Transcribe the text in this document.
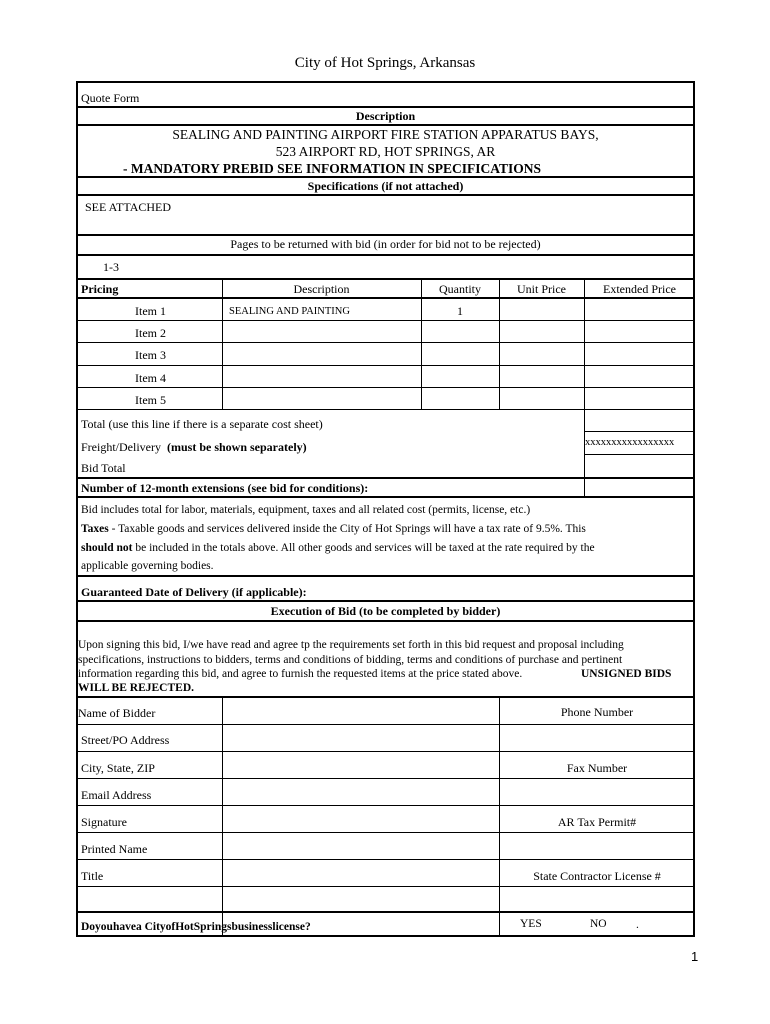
City of Hot Springs, Arkansas
Quote Form
Description
SEALING AND PAINTING AIRPORT FIRE STATION APPARATUS BAYS,
523 AIRPORT RD, HOT SPRINGS, AR
- MANDATORY PREBID SEE INFORMATION IN SPECIFICATIONS
Specifications (if not attached)
SEE ATTACHED
Pages to be returned with bid (in order for bid not to be rejected)
1-3
Pricing	Description	Quantity	Unit Price	Extended Price
Item 1	SEALING AND PAINTING	1
Item 2
Item 3
Item 4
Item 5
Total (use this line if there is a separate cost sheet)
Freight/Delivery (must be shown separately)	xxxxxxxxxxxxxxxxx
Bid Total
Number of 12-month extensions (see bid for conditions):
Bid includes total for labor, materials, equipment, taxes and all related cost (permits, license, etc.)
Taxes - Taxable goods and services delivered inside the City of Hot Springs will have a tax rate of 9.5%. This
should not be included in the totals above. All other goods and services will be taxed at the rate required by the
applicable governing bodies.
Guaranteed Date of Delivery (if applicable):
Execution of Bid (to be completed by bidder)
Upon signing this bid, I/we have read and agree tp the requirements set forth in this bid request and proposal including
specifications, instructions to bidders, terms and conditions of bidding, terms and conditions of purchase and pertinent
information regarding this bid, and agree to furnish the requested items at the price stated above.	UNSIGNED BIDS
WILL BE REJECTED.
Name of Bidder	Phone Number
Street/PO Address
City, State, ZIP	Fax Number
Email Address
Signature	AR Tax Permit#
Printed Name
Title	State Contractor License #
Doyouhavea CityofHotSpringsbusinesslicense?	YES	NO	.
1
